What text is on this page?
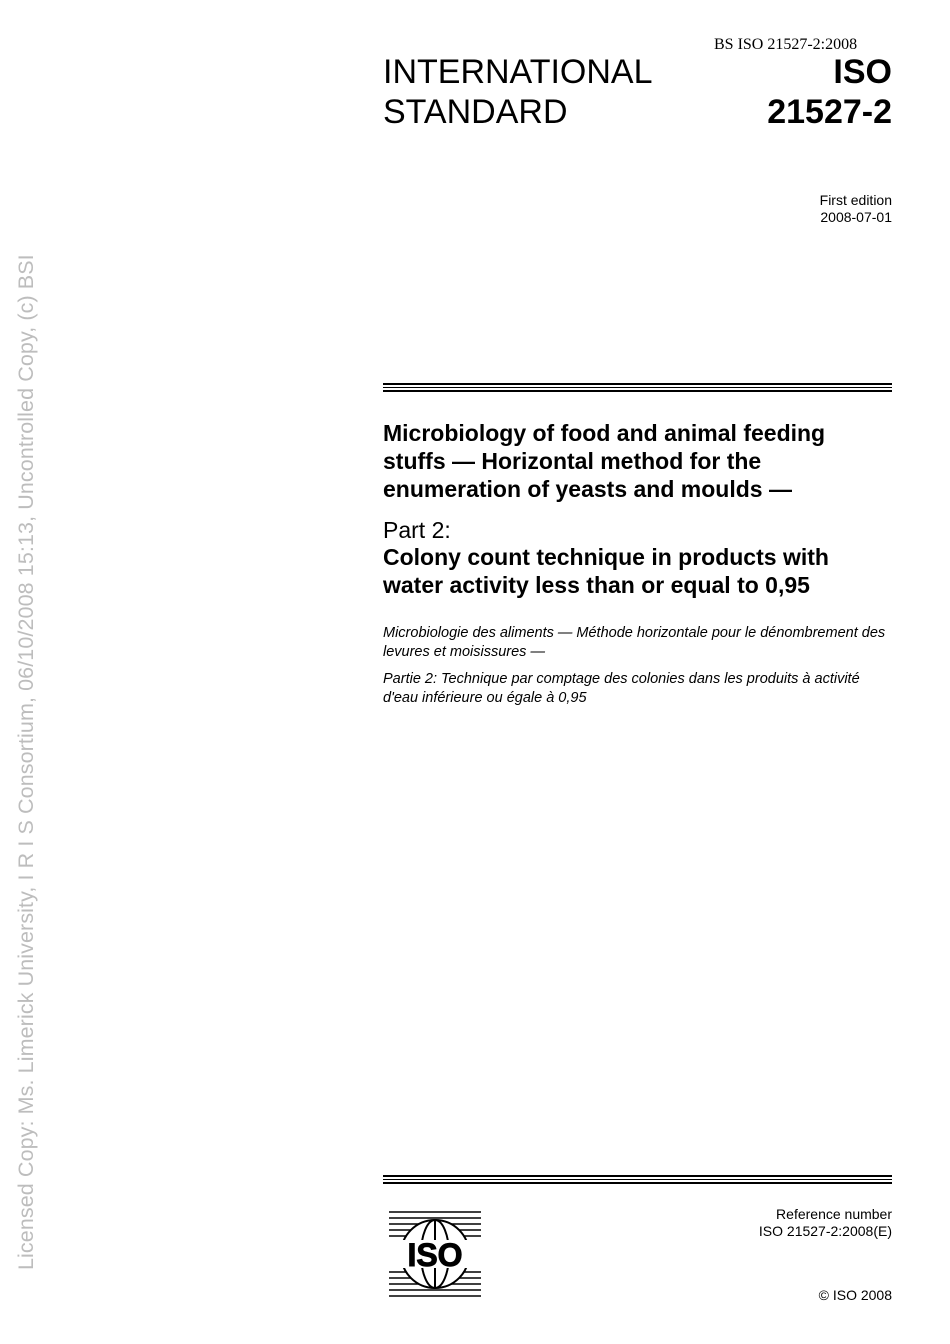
Licensed Copy: Ms. Limerick University, I R I S Consortium, 06/10/2008 15:13, Uncontrolled Copy, (c) BSI
BS ISO 21527-2:2008
INTERNATIONAL
STANDARD
ISO
21527-2
First edition
2008-07-01
Microbiology of food and animal feeding stuffs — Horizontal method for the enumeration of yeasts and moulds —
Part 2:
Colony count technique in products with water activity less than or equal to 0,95
Microbiologie des aliments — Méthode horizontale pour le dénombrement des levures et moisissures —
Partie 2: Technique par comptage des colonies dans les produits à activité d'eau inférieure ou égale à 0,95
ISO
Reference number
ISO 21527-2:2008(E)
© ISO 2008
